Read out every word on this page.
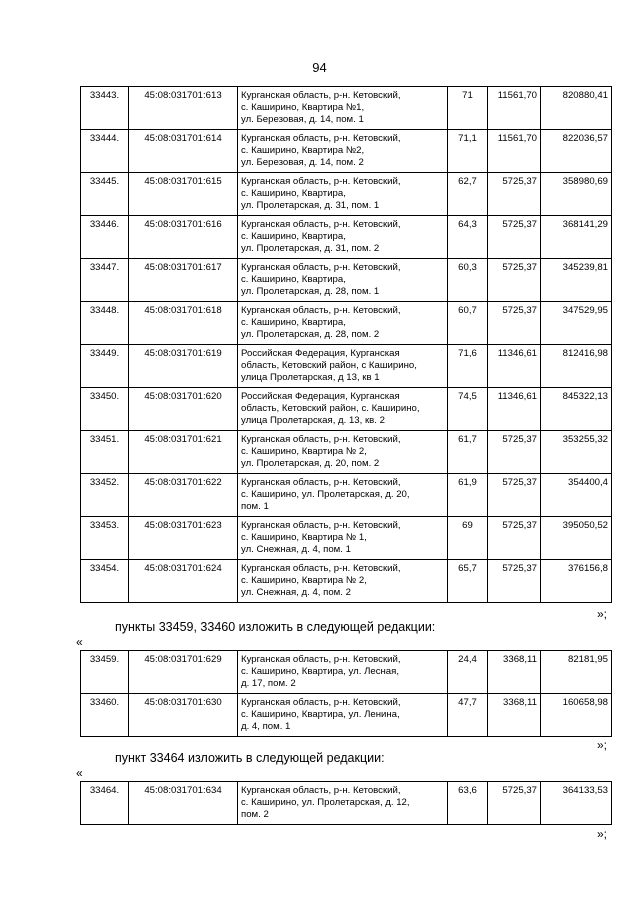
94
33443.	45:08:031701:613	Курганская область, р-н. Кетовский,
с. Каширино, Квартира №1,
ул. Березовая, д. 14, пом. 1	71	11561,70	820880,41
33444.	45:08:031701:614	Курганская область, р-н. Кетовский,
с. Каширино, Квартира №2,
ул. Березовая, д. 14, пом. 2	71,1	11561,70	822036,57
33445.	45:08:031701:615	Курганская область, р-н. Кетовский,
с. Каширино, Квартира,
ул. Пролетарская, д. 31, пом. 1	62,7	5725,37	358980,69
33446.	45:08:031701:616	Курганская область, р-н. Кетовский,
с. Каширино, Квартира,
ул. Пролетарская, д. 31, пом. 2	64,3	5725,37	368141,29
33447.	45:08:031701:617	Курганская область, р-н. Кетовский,
с. Каширино, Квартира,
ул. Пролетарская, д. 28, пом. 1	60,3	5725,37	345239,81
33448.	45:08:031701:618	Курганская область, р-н. Кетовский,
с. Каширино, Квартира,
ул. Пролетарская, д. 28, пом. 2	60,7	5725,37	347529,95
33449.	45:08:031701:619	Российская Федерация, Курганская
область, Кетовский район, с Каширино,
улица Пролетарская, д 13, кв 1	71,6	11346,61	812416,98
33450.	45:08:031701:620	Российская Федерация, Курганская
область, Кетовский район, с. Каширино,
улица Пролетарская, д. 13, кв. 2	74,5	11346,61	845322,13
33451.	45:08:031701:621	Курганская область, р-н. Кетовский,
с. Каширино, Квартира № 2,
ул. Пролетарская, д. 20, пом. 2	61,7	5725,37	353255,32
33452.	45:08:031701:622	Курганская область, р-н. Кетовский,
с. Каширино, ул. Пролетарская, д. 20,
пом. 1	61,9	5725,37	354400,4
33453.	45:08:031701:623	Курганская область, р-н. Кетовский,
с. Каширино, Квартира № 1,
ул. Снежная, д. 4, пом. 1	69	5725,37	395050,52
33454.	45:08:031701:624	Курганская область, р-н. Кетовский,
с. Каширино, Квартира № 2,
ул. Снежная, д. 4, пом. 2	65,7	5725,37	376156,8
»;
пункты 33459, 33460 изложить в следующей редакции:
«
33459.	45:08:031701:629	Курганская область, р-н. Кетовский,
с. Каширино, Квартира, ул. Лесная,
д. 17, пом. 2	24,4	3368,11	82181,95
33460.	45:08:031701:630	Курганская область, р-н. Кетовский,
с. Каширино, Квартира, ул. Ленина,
д. 4, пом. 1	47,7	3368,11	160658,98
»;
пункт 33464 изложить в следующей редакции:
«
33464.	45:08:031701:634	Курганская область, р-н. Кетовский,
с. Каширино, ул. Пролетарская, д. 12,
пом. 2	63,6	5725,37	364133,53
»;
